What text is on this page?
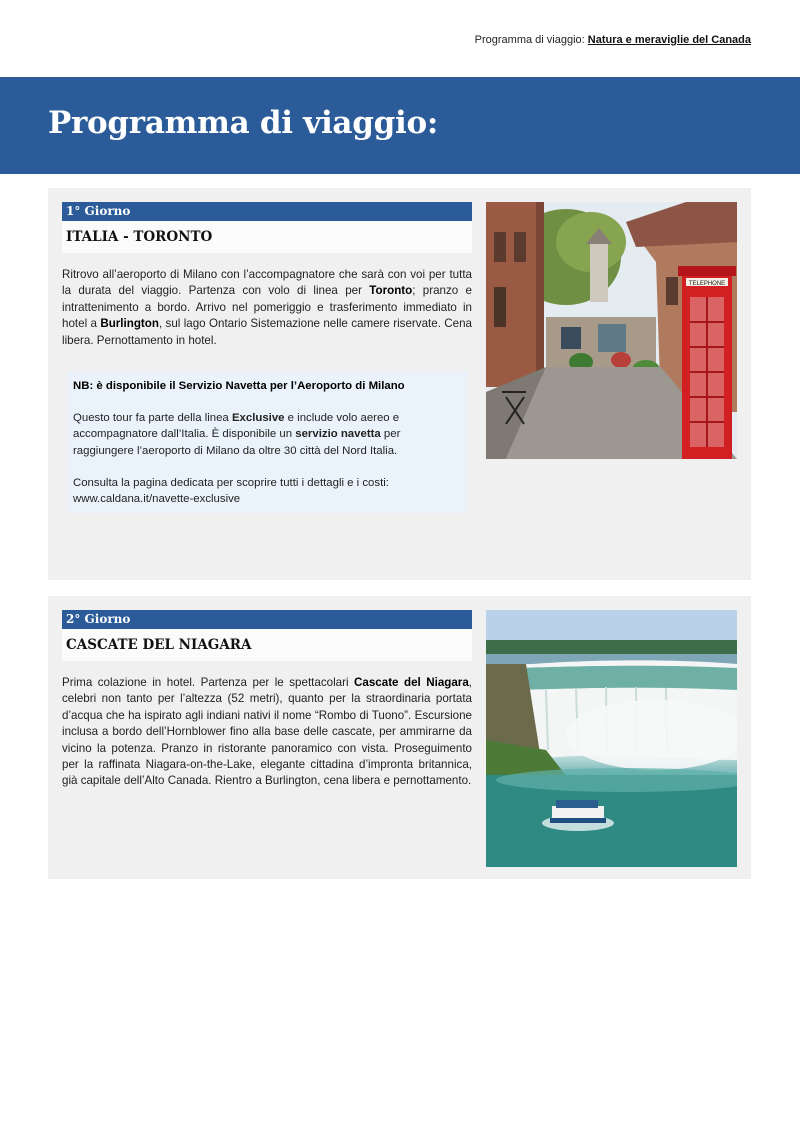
Programma di viaggio: Natura e meraviglie del Canada
Programma di viaggio:
1° Giorno
ITALIA - TORONTO
Ritrovo all’aeroporto di Milano con l’accompagnatore che sarà con voi per tutta la durata del viaggio. Partenza con volo di linea per Toronto; pranzo e intrattenimento a bordo. Arrivo nel pomeriggio e trasferimento immediato in hotel a Burlington, sul lago Ontario Sistemazione nelle camere riservate. Cena libera. Pernottamento in hotel.

NB: è disponibile il Servizio Navetta per l’Aeroporto di Milano

Questo tour fa parte della linea Exclusive e include volo aereo e accompagnatore dall’Italia. È disponibile un servizio navetta per raggiungere l’aeroporto di Milano da oltre 30 città del Nord Italia.

Consulta la pagina dedicata per scoprire tutti i dettagli e i costi:

www.caldana.it/navette-exclusive

TELEPHONE
2° Giorno
CASCATE DEL NIAGARA
Prima colazione in hotel. Partenza per le spettacolari Cascate del Niagara, celebri non tanto per l’altezza (52 metri), quanto per la straordinaria portata d’acqua che ha ispirato agli indiani nativi il nome “Rombo di Tuono”. Escursione inclusa a bordo dell’Hornblower fino alla base delle cascate, per ammirarne da vicino la potenza. Pranzo in ristorante panoramico con vista. Proseguimento per la raffinata Niagara-on-the-Lake, elegante cittadina d’impronta britannica, già capitale dell’Alto Canada. Rientro a Burlington, cena libera e pernottamento.
